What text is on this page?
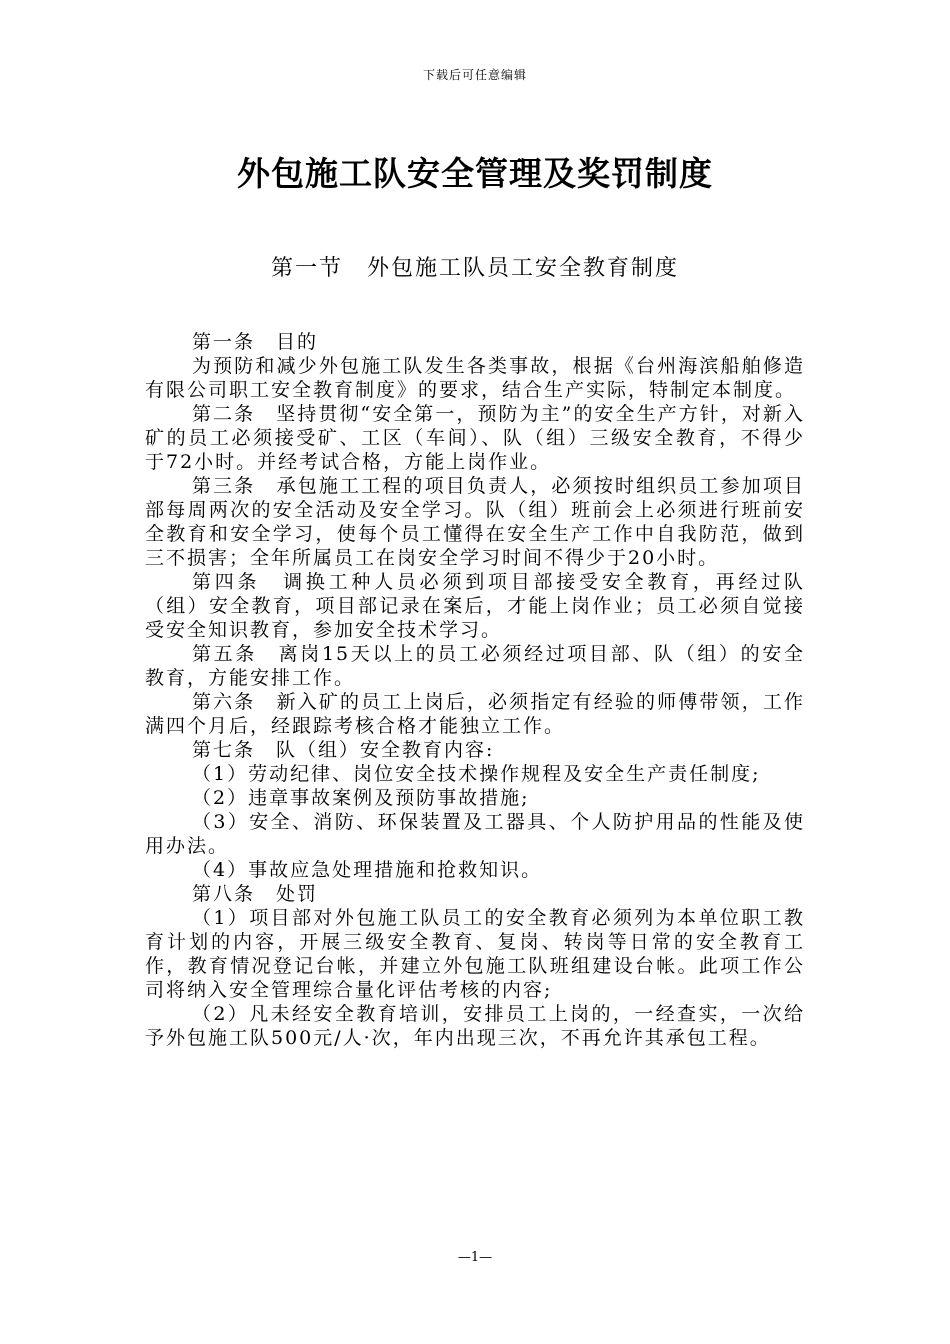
下载后可任意编辑
外包施工队安全管理及奖罚制度
第一节　外包施工队员工安全教育制度

第一条　目的

为预防和减少外包施工队发生各类事故，根据《台州海滨船舶修造有限公司职工安全教育制度》的要求，结合生产实际，特制定本制度。

第二条　坚持贯彻“安全第一，预防为主”的安全生产方针，对新入矿的员工必须接受矿、工区（车间）、队（组）三级安全教育，不得少于72小时。并经考试合格，方能上岗作业。

第三条　承包施工工程的项目负责人，必须按时组织员工参加项目部每周两次的安全活动及安全学习。队（组）班前会上必须进行班前安全教育和安全学习，使每个员工懂得在安全生产工作中自我防范，做到三不损害；全年所属员工在岗安全学习时间不得少于20小时。

第四条　调换工种人员必须到项目部接受安全教育，再经过队（组）安全教育，项目部记录在案后，才能上岗作业；员工必须自觉接受安全知识教育，参加安全技术学习。

第五条　离岗15天以上的员工必须经过项目部、队（组）的安全教育，方能安排工作。

第六条　新入矿的员工上岗后，必须指定有经验的师傅带领，工作满四个月后，经跟踪考核合格才能独立工作。

第七条　队（组）安全教育内容:

（1）劳动纪律、岗位安全技术操作规程及安全生产责任制度;

（2）违章事故案例及预防事故措施;

（3）安全、消防、环保装置及工器具、个人防护用品的性能及使用办法。

（4）事故应急处理措施和抢救知识。

第八条　处罚

（1）项目部对外包施工队员工的安全教育必须列为本单位职工教育计划的内容，开展三级安全教育、复岗、转岗等日常的安全教育工作，教育情况登记台帐，并建立外包施工队班组建设台帐。此项工作公司将纳入安全管理综合量化评估考核的内容;

（2）凡未经安全教育培训，安排员工上岗的，一经查实，一次给予外包施工队500元/人·次，年内出现三次，不再允许其承包工程。

—1—
